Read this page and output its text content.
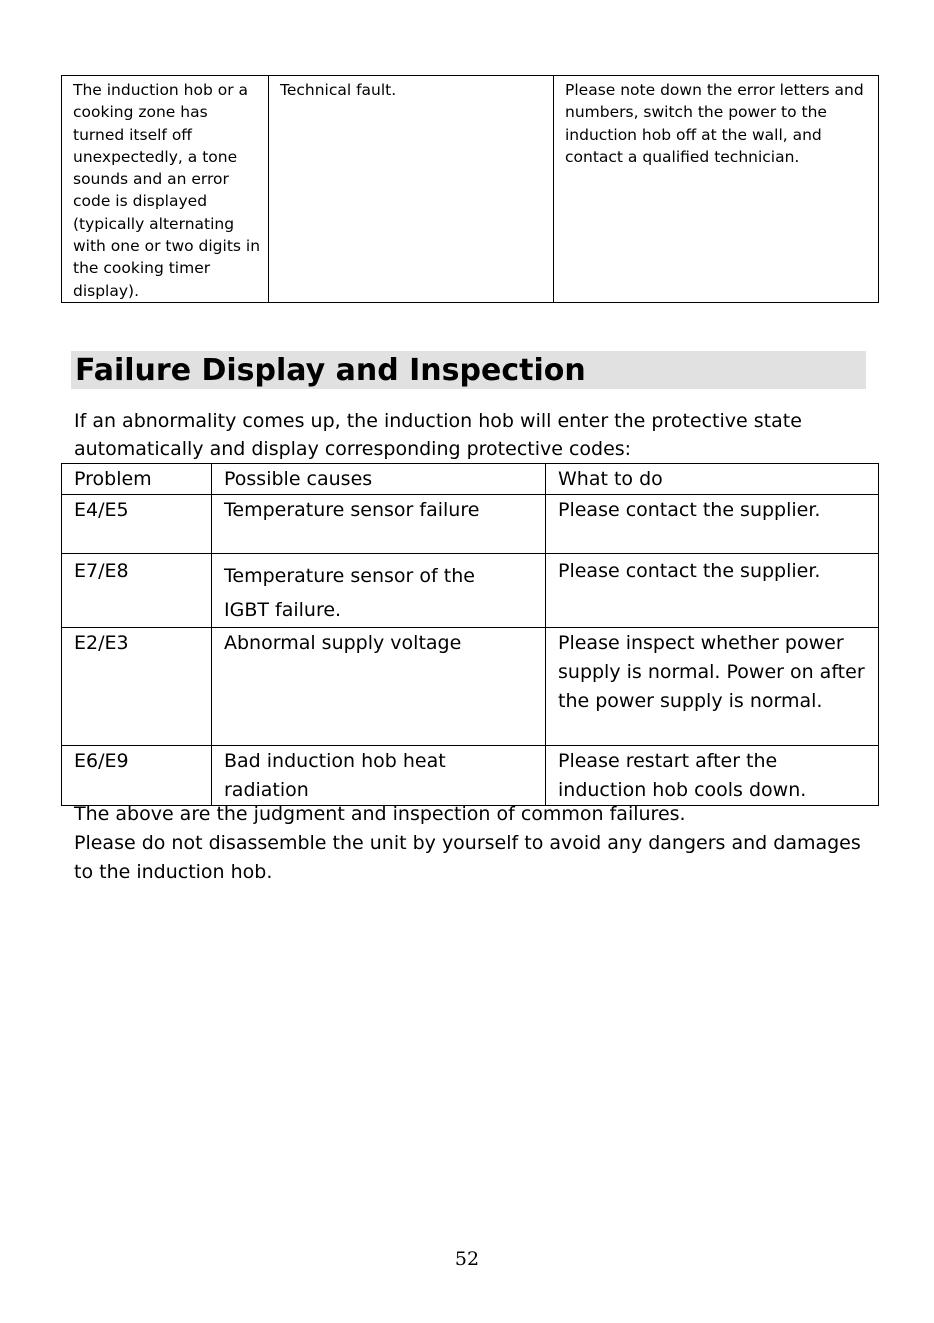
The induction hob or a cooking zone has turned itself off unexpectedly, a tone sounds and an error code is displayed (typically alternating with one or two digits in the cooking timer display).	Technical fault.	Please note down the error letters and numbers, switch the power to the induction hob off at the wall, and contact a qualified technician.
Failure Display and Inspection

If an abnormality comes up, the induction hob will enter the protective state automatically and display corresponding protective codes:

Problem	Possible causes	What to do
E4/E5	Temperature sensor failure	Please contact the supplier.
E7/E8	Temperature sensor of the IGBT failure.	Please contact the supplier.
E2/E3	Abnormal supply voltage	Please inspect whether power supply is normal. Power on after the power supply is normal.
E6/E9	Bad induction hob heat radiation	Please restart after the induction hob cools down.

The above are the judgment and inspection of common failures.

Please do not disassemble the unit by yourself to avoid any dangers and damages to the induction hob.

52
